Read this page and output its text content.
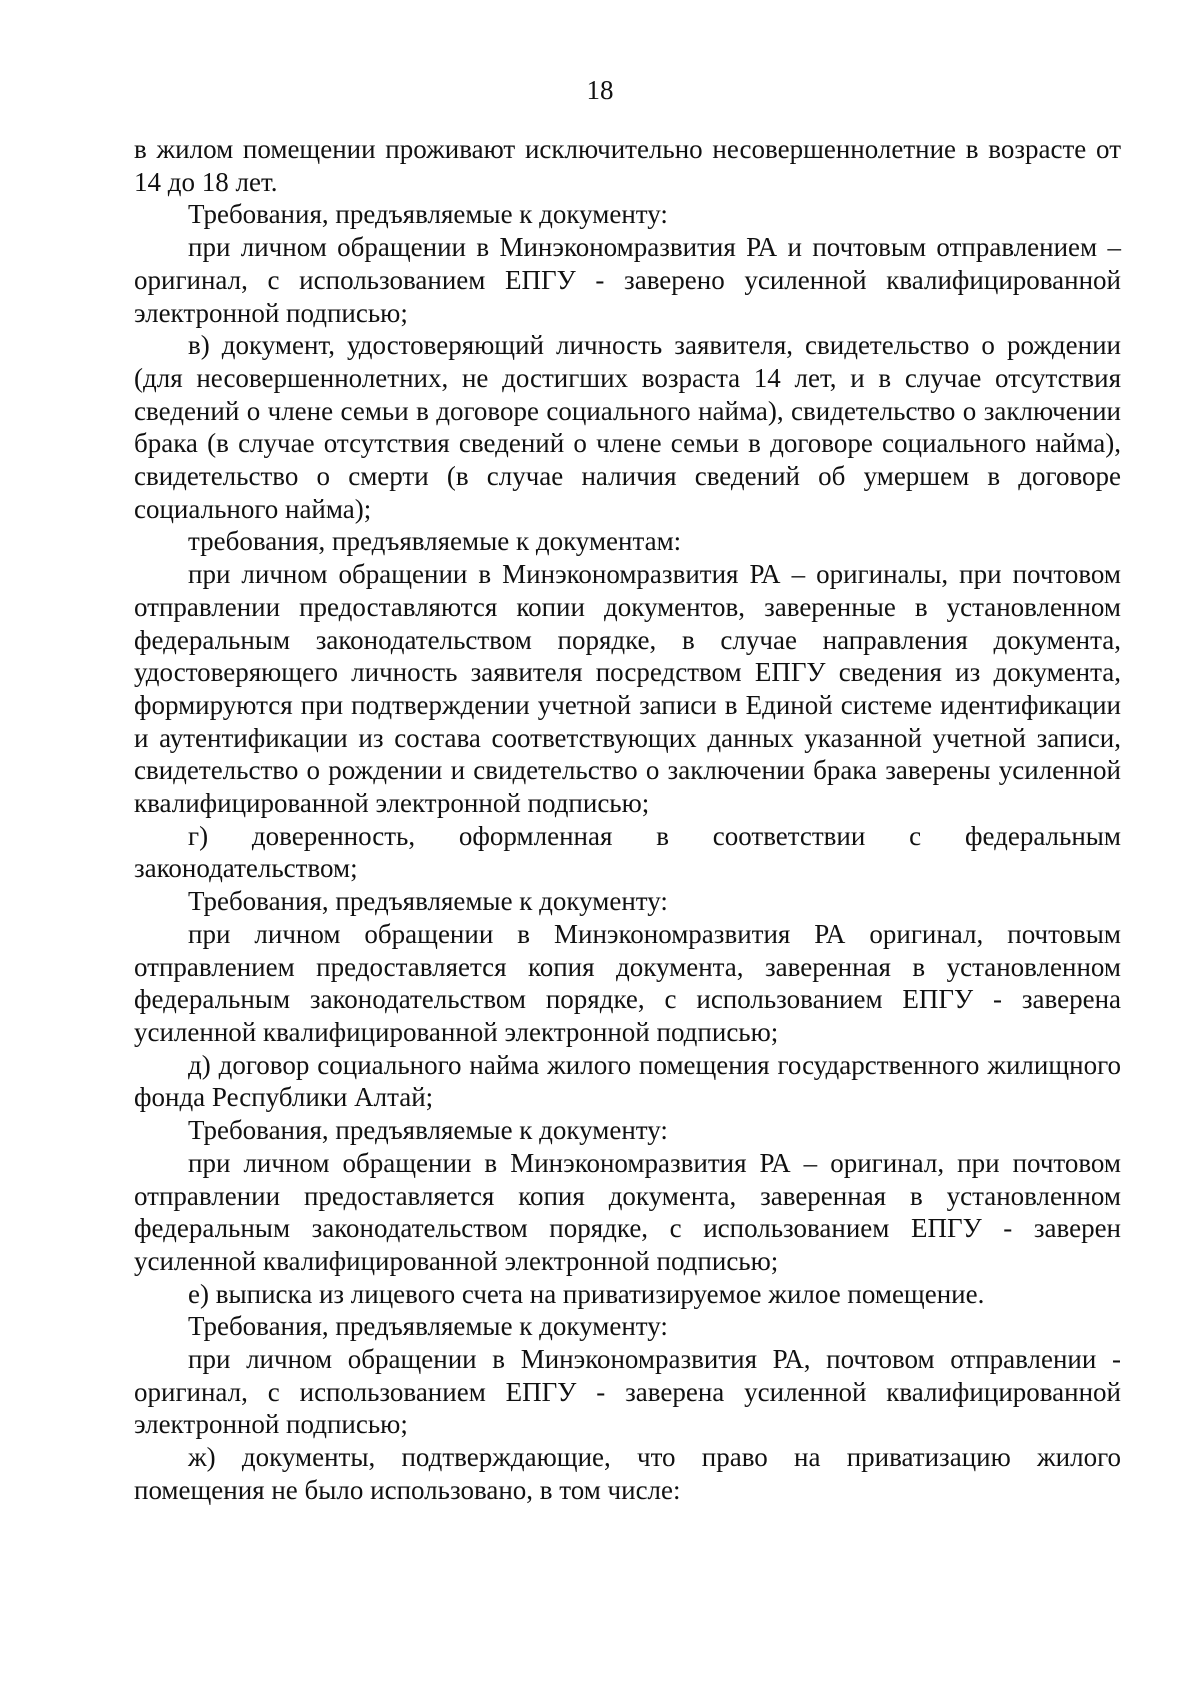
18

в жилом помещении проживают исключительно несовершеннолетние в возрасте от 14 до 18 лет.

Требования, предъявляемые к документу:

при личном обращении в Минэкономразвития РА и почтовым отправлением – оригинал, с использованием ЕПГУ - заверено усиленной квалифицированной электронной подписью;

в) документ, удостоверяющий личность заявителя, свидетельство о рождении (для несовершеннолетних, не достигших возраста 14 лет, и в случае отсутствия сведений о члене семьи в договоре социального найма), свидетельство о заключении брака (в случае отсутствия сведений о члене семьи в договоре социального найма), свидетельство о смерти (в случае наличия сведений об умершем в договоре социального найма);

требования, предъявляемые к документам:

при личном обращении в Минэкономразвития РА – оригиналы, при почтовом отправлении предоставляются копии документов, заверенные в установленном федеральным законодательством порядке, в случае направления документа, удостоверяющего личность заявителя посредством ЕПГУ сведения из документа, формируются при подтверждении учетной записи в Единой системе идентификации и аутентификации из состава соответствующих данных указанной учетной записи, свидетельство о рождении и свидетельство о заключении брака заверены усиленной квалифицированной электронной подписью;

г) доверенность, оформленная в соответствии с федеральным законодательством;

Требования, предъявляемые к документу:

при личном обращении в Минэкономразвития РА оригинал, почтовым отправлением предоставляется копия документа, заверенная в установленном федеральным законодательством порядке, с использованием ЕПГУ - заверена усиленной квалифицированной электронной подписью;

д) договор социального найма жилого помещения государственного жилищного фонда Республики Алтай;

Требования, предъявляемые к документу:

при личном обращении в Минэкономразвития РА – оригинал, при почтовом отправлении предоставляется копия документа, заверенная в установленном федеральным законодательством порядке, с использованием ЕПГУ - заверен усиленной квалифицированной электронной подписью;

е) выписка из лицевого счета на приватизируемое жилое помещение.

Требования, предъявляемые к документу:

при личном обращении в Минэкономразвития РА, почтовом отправлении - оригинал, с использованием ЕПГУ - заверена усиленной квалифицированной электронной подписью;

ж) документы, подтверждающие, что право на приватизацию жилого помещения не было использовано, в том числе:
